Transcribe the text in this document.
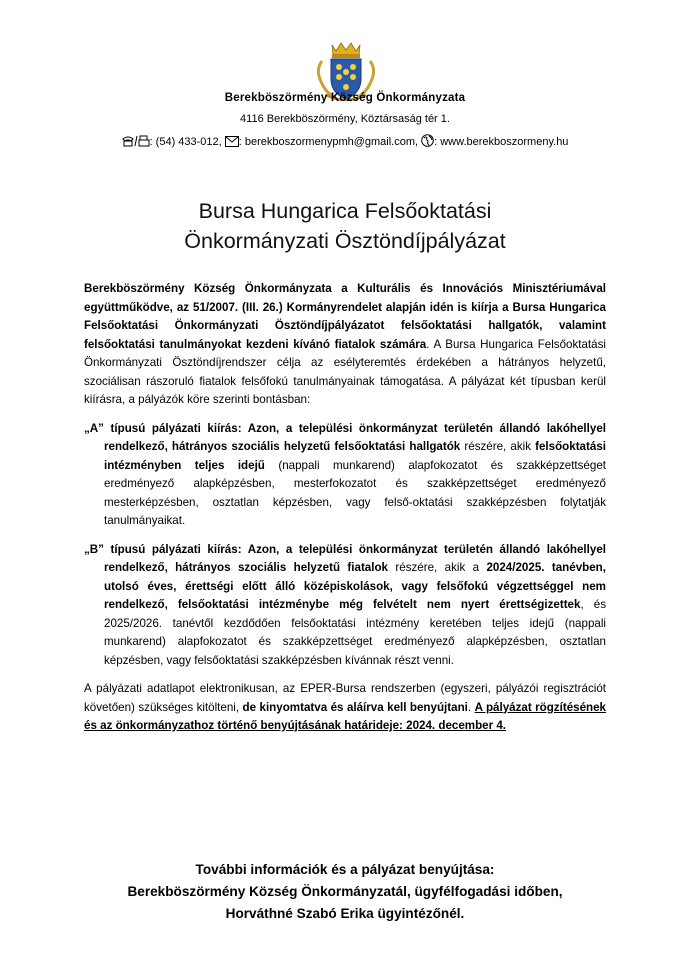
Berekböszörmény Község Önkormányzata
4116 Berekböszörmény, Köztársaság tér 1.
: (54) 433-012, : berekboszormenypmh@gmail.com, : www.berekboszormeny.hu
Bursa Hungarica Felsőoktatási
Önkormányzati Ösztöndíjpályázat

Berekböszörmény Község Önkormányzata a Kulturális és Innovációs Minisztériumával együttműködve, az 51/2007. (III. 26.) Kormányrendelet alapján idén is kiírja a Bursa Hungarica Felsőoktatási Önkormányzati Ösztöndíjpályázatot felsőoktatási hallgatók, valamint felsőoktatási tanulmányokat kezdeni kívánó fiatalok számára. A Bursa Hungarica Felsőoktatási Önkormányzati Ösztöndíjrendszer célja az esélyteremtés érdekében a hátrányos helyzetű, szociálisan rászoruló fiatalok felsőfokú tanulmányainak támogatása. A pályázat két típusban kerül kiírásra, a pályázók köre szerinti bontásban:

„A” típusú pályázati kiírás: Azon, a települési önkormányzat területén állandó lakóhellyel rendelkező, hátrányos szociális helyzetű felsőoktatási hallgatók részére, akik felsőoktatási intézményben teljes idejű (nappali munkarend) alapfokozatot és szakképzettséget eredményező alapképzésben, mesterfokozatot és szakképzettséget eredményező mesterképzésben, osztatlan képzésben, vagy felső-oktatási szakképzésben folytatják tanulmányaikat.

„B” típusú pályázati kiírás: Azon, a települési önkormányzat területén állandó lakóhellyel rendelkező, hátrányos szociális helyzetű fiatalok részére, akik a 2024/2025. tanévben, utolsó éves, érettségi előtt álló középiskolások, vagy felsőfokú végzettséggel nem rendelkező, felsőoktatási intézménybe még felvételt nem nyert érettségizettek, és 2025/2026. tanévtől kezdődően felsőoktatási intézmény keretében teljes idejű (nappali munkarend) alapfokozatot és szakképzettséget eredményező alapképzésben, osztatlan képzésben, vagy felsőoktatási szakképzésben kívánnak részt venni.

A pályázati adatlapot elektronikusan, az EPER-Bursa rendszerben (egyszeri, pályázói regisztrációt követően) szükséges kitölteni, de kinyomtatva és aláírva kell benyújtani. A pályázat rögzítésének és az önkormányzathoz történő benyújtásának határideje: 2024. december 4.

További információk és a pályázat benyújtása:
Berekböszörmény Község Önkormányzatál, ügyfélfogadási időben,
Horváthné Szabó Erika ügyintézőnél.
